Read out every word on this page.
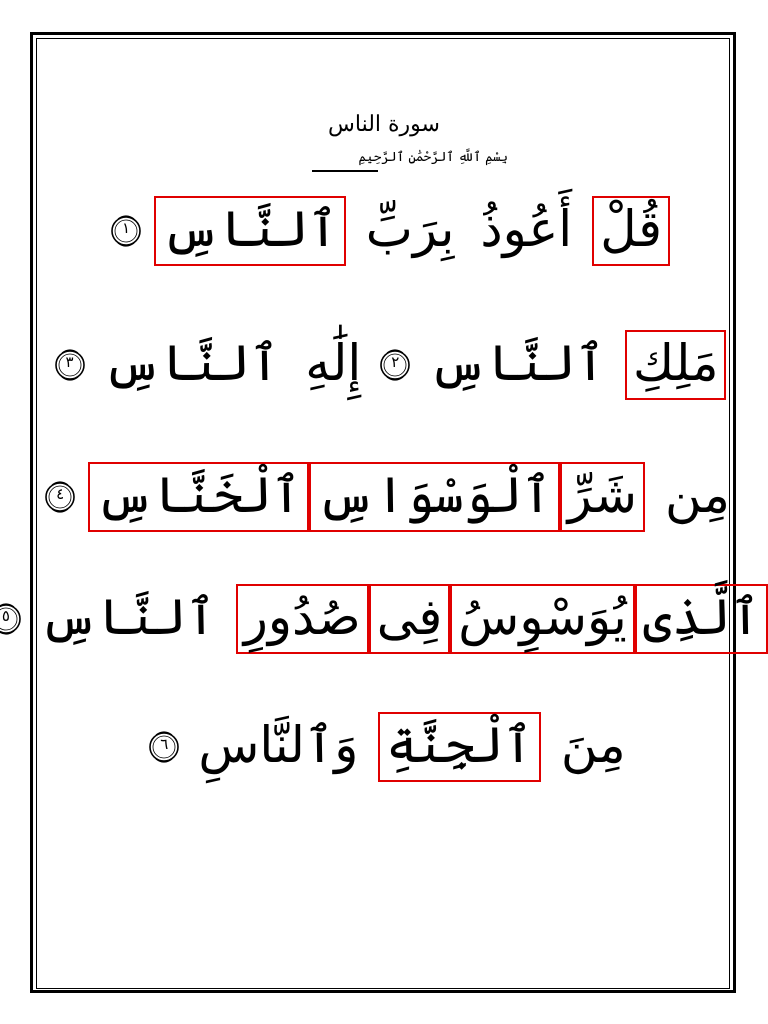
سورة الناس
بِسْمِ ٱللَّهِ ٱلرَّحْمَٰنِ ٱلرَّحِيمِ
قُلْأَعُوذُبِرَبِّٱلنَّاسِ
١
مَلِكِٱلنَّاسِ
٢
إِلَٰهِٱلنَّاسِ
٣
مِنشَرِّٱلْوَسْوَاسِٱلْخَنَّاسِ
٤
ٱلَّذِىيُوَسْوِسُفِىصُدُورِٱلنَّاسِ
٥
مِنَٱلْجِنَّةِوَٱلنَّاسِ
٦
